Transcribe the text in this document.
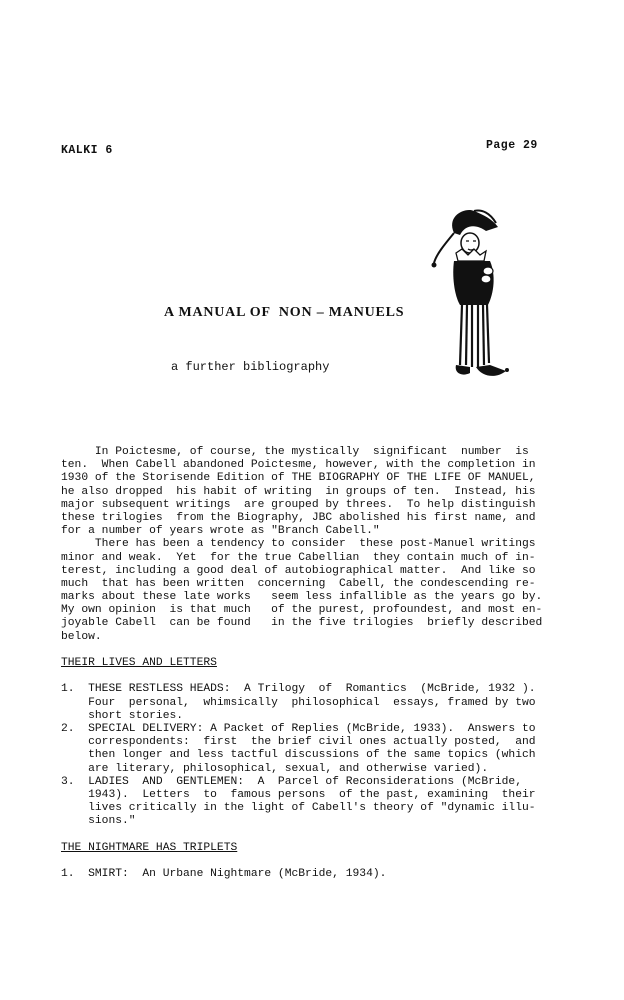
KALKI 6	Page 29
A MANUAL OF  NON – MANUELS
a further bibliography
In Poictesme, of course, the mystically  significant  number  is
ten.  When Cabell abandoned Poictesme, however, with the completion in
1930 of the Storisende Edition of THE BIOGRAPHY OF THE LIFE OF MANUEL,
he also dropped  his habit of writing  in groups of ten.  Instead, his
major subsequent writings  are grouped by threes.  To help distinguish
these trilogies  from the Biography, JBC abolished his first name, and
for a number of years wrote as "Branch Cabell."
There has been a tendency to consider  these post-Manuel writings
minor and weak.  Yet  for the true Cabellian  they contain much of in-
terest, including a good deal of autobiographical matter.  And like so
much  that has been written  concerning  Cabell, the condescending re-
marks about these late works   seem less infallible as the years go by.
My own opinion  is that much   of the purest, profoundest, and most en-
joyable Cabell  can be found   in the five trilogies  briefly described
below.
THEIR LIVES AND LETTERS
1.  THESE RESTLESS HEADS:  A Trilogy  of  Romantics  (McBride, 1932 ).
Four  personal,  whimsically  philosophical  essays, framed by two
short stories.
2.  SPECIAL DELIVERY: A Packet of Replies (McBride, 1933).  Answers to
correspondents:  first  the brief civil ones actually posted,  and
then longer and less tactful discussions of the same topics (which
are literary, philosophical, sexual, and otherwise varied).
3.  LADIES  AND  GENTLEMEN:  A  Parcel of Reconsiderations (McBride,
1943).  Letters  to  famous persons  of the past, examining  their
lives critically in the light of Cabell's theory of "dynamic illu-
sions."
THE NIGHTMARE HAS TRIPLETS
1.  SMIRT:  An Urbane Nightmare (McBride, 1934).
